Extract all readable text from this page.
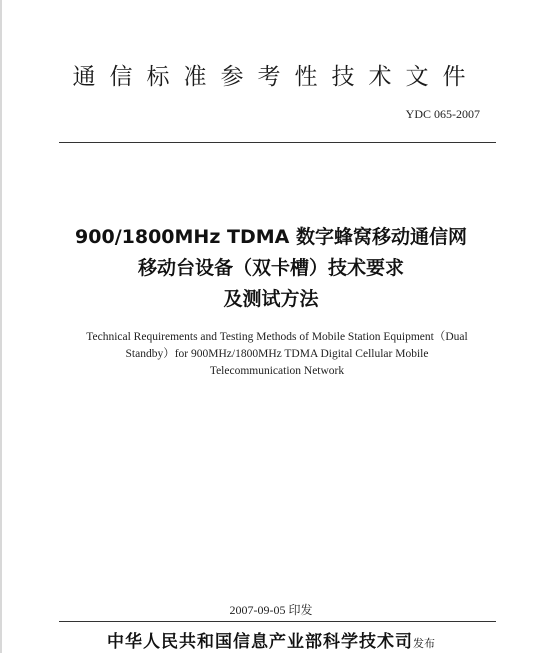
通信标准参考性技术文件
YDC 065-2007
900/1800MHz TDMA 数字蜂窝移动通信网
移动台设备（双卡槽）技术要求
及测试方法
Technical Requirements and Testing Methods of Mobile Station Equipment（Dual
Standby）for 900MHz/1800MHz TDMA Digital Cellular Mobile
Telecommunication Network
2007-09-05 印发
中华人民共和国信息产业部科学技术司发布
